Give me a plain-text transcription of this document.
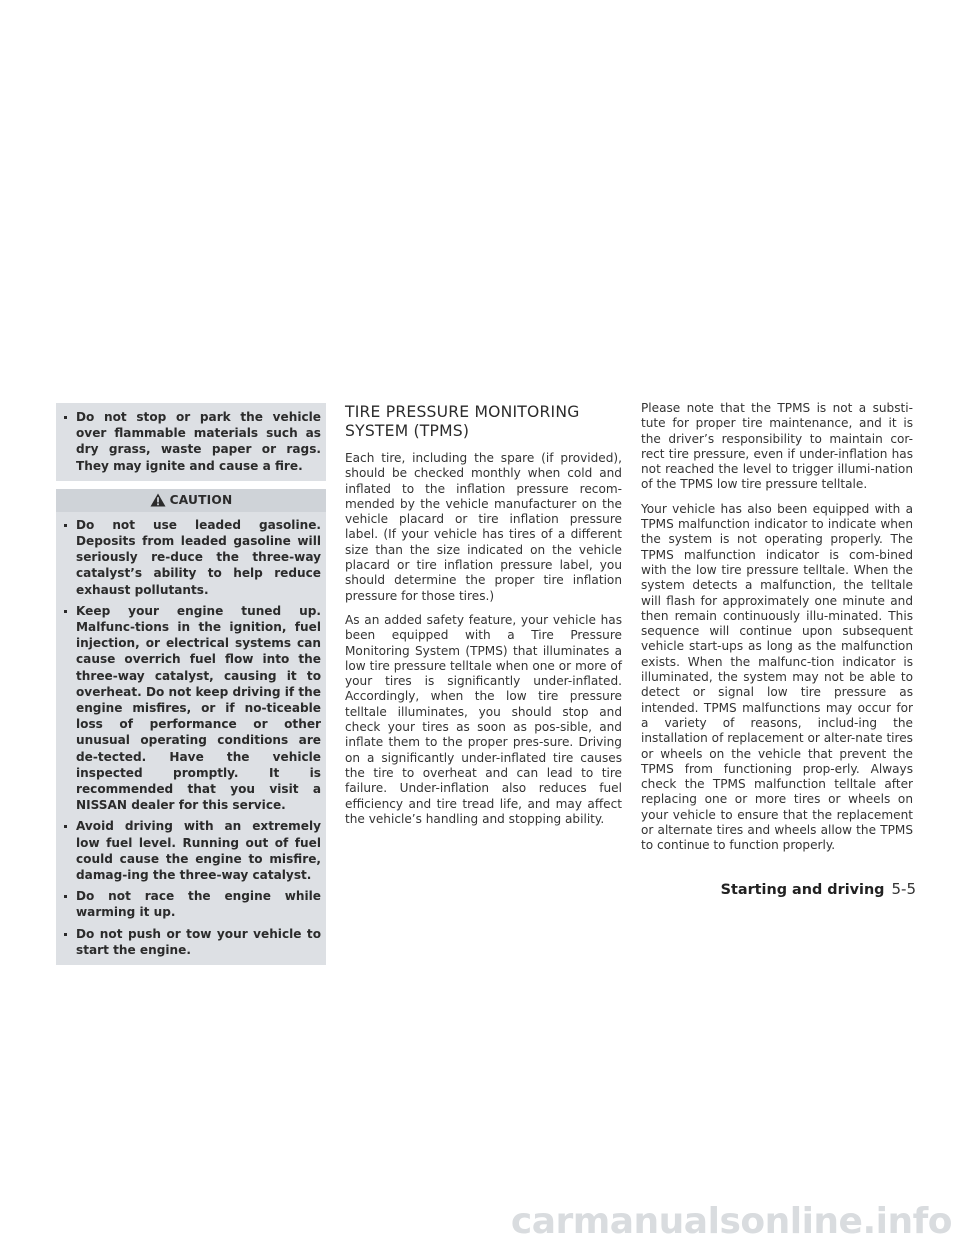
Do not stop or park the vehicle over flammable materials such as dry grass, waste paper or rags. They may ignite and cause a fire.
CAUTION
Do not use leaded gasoline. Deposits from leaded gasoline will seriously re-duce the three-way catalyst’s ability to help reduce exhaust pollutants.
Keep your engine tuned up. Malfunc-tions in the ignition, fuel injection, or electrical systems can cause overrich fuel flow into the three-way catalyst, causing it to overheat. Do not keep driving if the engine misfires, or if no-ticeable loss of performance or other unusual operating conditions are de-tected. Have the vehicle inspected promptly. It is recommended that you visit a NISSAN dealer for this service.
Avoid driving with an extremely low fuel level. Running out of fuel could cause the engine to misfire, damag-ing the three-way catalyst.
Do not race the engine while warming it up.
Do not push or tow your vehicle to start the engine.
TIRE PRESSURE MONITORING SYSTEM (TPMS)

Each tire, including the spare (if provided), should be checked monthly when cold and inflated to the inflation pressure recom-mended by the vehicle manufacturer on the vehicle placard or tire inflation pressure label. (If your vehicle has tires of a different size than the size indicated on the vehicle placard or tire inflation pressure label, you should determine the proper tire inflation pressure for those tires.)

As an added safety feature, your vehicle has been equipped with a Tire Pressure Monitoring System (TPMS) that illuminates a low tire pressure telltale when one or more of your tires is significantly under-inflated. Accordingly, when the low tire pressure telltale illuminates, you should stop and check your tires as soon as pos-sible, and inflate them to the proper pres-sure. Driving on a significantly under-inflated tire causes the tire to overheat and can lead to tire failure. Under-inflation also reduces fuel efficiency and tire tread life, and may affect the vehicle’s handling and stopping ability.

Please note that the TPMS is not a substi-tute for proper tire maintenance, and it is the driver’s responsibility to maintain cor-rect tire pressure, even if under-inflation has not reached the level to trigger illumi-nation of the TPMS low tire pressure telltale.

Your vehicle has also been equipped with a TPMS malfunction indicator to indicate when the system is not operating properly. The TPMS malfunction indicator is com-bined with the low tire pressure telltale. When the system detects a malfunction, the telltale will flash for approximately one minute and then remain continuously illu-minated. This sequence will continue upon subsequent vehicle start-ups as long as the malfunction exists. When the malfunc-tion indicator is illuminated, the system may not be able to detect or signal low tire pressure as intended. TPMS malfunctions may occur for a variety of reasons, includ-ing the installation of replacement or alter-nate tires or wheels on the vehicle that prevent the TPMS from functioning prop-erly. Always check the TPMS malfunction telltale after replacing one or more tires or wheels on your vehicle to ensure that the replacement or alternate tires and wheels allow the TPMS to continue to function properly.

Starting and driving 5-5
carmanualsonline.info
